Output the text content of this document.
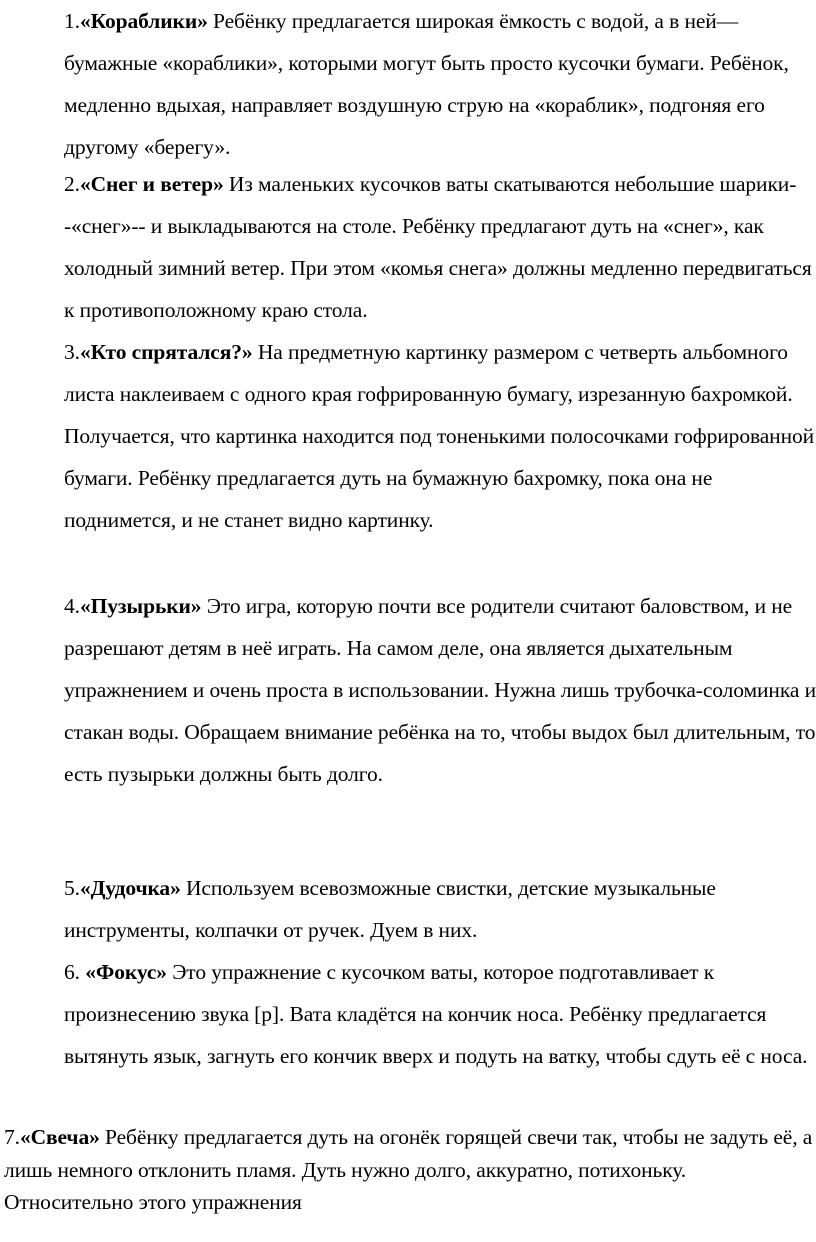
1.«Кораблики» Ребёнку предлагается широкая ёмкость с водой, а в ней—бумажные «кораблики», которыми могут быть просто кусочки бумаги. Ребёнок, медленно вдыхая, направляет воздушную струю на «кораблик», подгоняя его другому «берегу».

2.«Снег и ветер» Из маленьких кусочков ваты скатываются небольшие шарики--«снег»-- и выкладываются на столе. Ребёнку предлагают дуть на «снег», как холодный зимний ветер. При этом «комья снега» должны медленно передвигаться к противоположному краю стола.

3.«Кто спрятался?» На предметную картинку размером с четверть альбомного листа наклеиваем с одного края гофрированную бумагу, изрезанную бахромкой. Получается, что картинка находится под тоненькими полосочками гофрированной бумаги. Ребёнку предлагается дуть на бумажную бахромку, пока она не поднимется, и не станет видно картинку.

4.«Пузырьки» Это игра, которую почти все родители считают баловством, и не разрешают детям в неё играть. На самом деле, она является дыхательным упражнением и очень проста в использовании. Нужна лишь трубочка-соломинка и стакан воды. Обращаем внимание ребёнка на то, чтобы выдох был длительным, то есть пузырьки должны быть долго.

5.«Дудочка» Используем всевозможные свистки, детские музыкальные инструменты, колпачки от ручек. Дуем в них.

6. «Фокус» Это упражнение с кусочком ваты, которое подготавливает к произнесению звука [р]. Вата кладётся на кончик носа. Ребёнку предлагается вытянуть язык, загнуть его кончик вверх и подуть на ватку, чтобы сдуть её с носа.

7.«Свеча» Ребёнку предлагается дуть на огонёк горящей свечи так, чтобы не задуть её, а лишь немного отклонить пламя. Дуть нужно долго, аккуратно, потихоньку. Относительно этого упражнения
